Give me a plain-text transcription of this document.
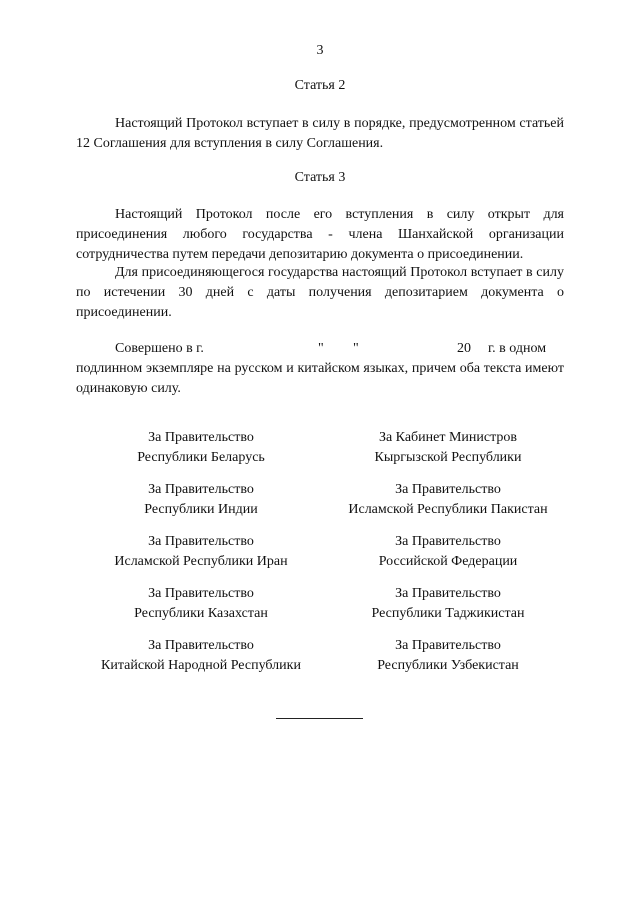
3
Статья 2
Настоящий Протокол вступает в силу в порядке, предусмотренном статьей 12 Соглашения для вступления в силу Соглашения.
Статья 3
Настоящий Протокол после его вступления в силу открыт для присоединения любого государства - члена Шанхайской организации сотрудничества путем передачи депозитарию документа о присоединении.
Для присоединяющегося государства настоящий Протокол вступает в силу по истечении 30 дней с даты получения депозитарием документа о присоединении.
Совершено в г.	" "	20 г. в одном
подлинном экземпляре на русском и китайском языках, причем оба текста имеют одинаковую силу.
За Правительство
Республики Беларусь
За Правительство
Республики Индии
За Правительство
Исламской Республики Иран
За Правительство
Республики Казахстан
За Правительство
Китайской Народной Республики
За Кабинет Министров
Кыргызской Республики
За Правительство
Исламской Республики Пакистан
За Правительство
Российской Федерации
За Правительство
Республики Таджикистан
За Правительство
Республики Узбекистан
